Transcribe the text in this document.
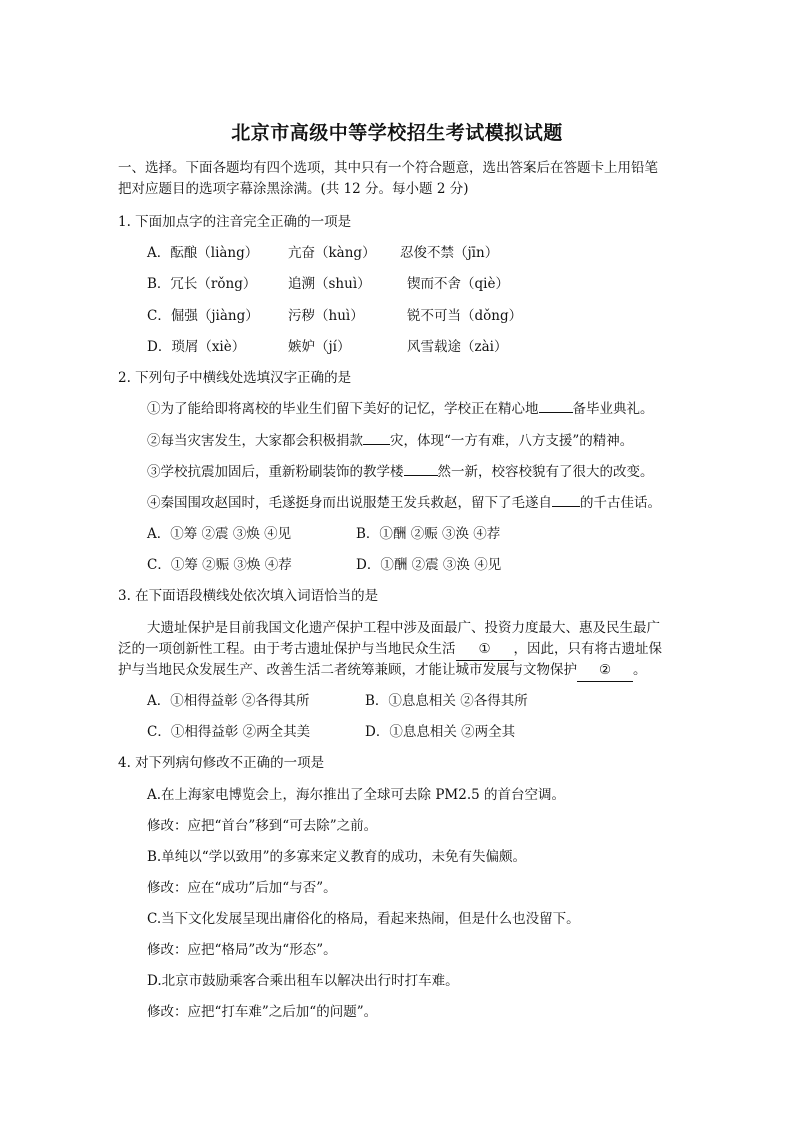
北京市高级中等学校招生考试模拟试题
一、选择。下面各题均有四个选项，其中只有一个符合题意，选出答案后在答题卡上用铅笔
把对应题目的选项字幕涂黑涂满。(共 12 分。每小题 2 分)
1. 下面加点字的注音完全正确的一项是
A．酝酿（liàng） 亢奋（kàng） 忍俊不禁（jīn）
B．冗长（rǒng） 追溯（shuì）	锲而不舍（qiè）
C．倔强（jiàng） 污秽（huì）	锐不可当（dǒng）
D．琐屑（xiè）	嫉妒（jí）	风雪载途（zài）
2. 下列句子中横线处选填汉字正确的是
①为了能给即将离校的毕业生们留下美好的记忆，学校正在精心地	备毕业典礼。
②每当灾害发生，大家都会积极捐款 灾，体现“一方有难，八方支援”的精神。
③学校抗震加固后，重新粉刷装饰的教学楼	然一新，校容校貌有了很大的改变。
④秦国围攻赵国时，毛遂挺身而出说服楚王发兵救赵，留下了毛遂自 的千古佳话。
A．①筹 ②震 ③焕 ④见	B．①酬 ②赈 ③涣 ④荐
C．①筹 ②赈 ③焕 ④荐	D．①酬 ②震 ③涣 ④见
3. 在下面语段横线处依次填入词语恰当的是
大遗址保护是目前我国文化遗产保护工程中涉及面最广、投资力度最大、惠及民生最广
泛的一项创新性工程。由于考古遗址保护与当地民众生活 ① ，因此，只有将古遗址保
护与当地民众发展生产、改善生活二者统筹兼顾，才能让城市发展与文物保护 ② 。
A．①相得益彰 ②各得其所	B．①息息相关 ②各得其所
C．①相得益彰 ②两全其美	D．①息息相关 ②两全其
4. 对下列病句修改不正确的一项是
A.在上海家电博览会上，海尔推出了全球可去除 PM2.5 的首台空调。
修改：应把“首台”移到“可去除”之前。
B.单纯以“学以致用”的多寡来定义教育的成功，未免有失偏颇。
修改：应在“成功”后加“与否”。
C.当下文化发展呈现出庸俗化的格局，看起来热闹，但是什么也没留下。
修改：应把“格局”改为“形态”。
D.北京市鼓励乘客合乘出租车以解决出行时打车难。
修改：应把“打车难”之后加“的问题”。
